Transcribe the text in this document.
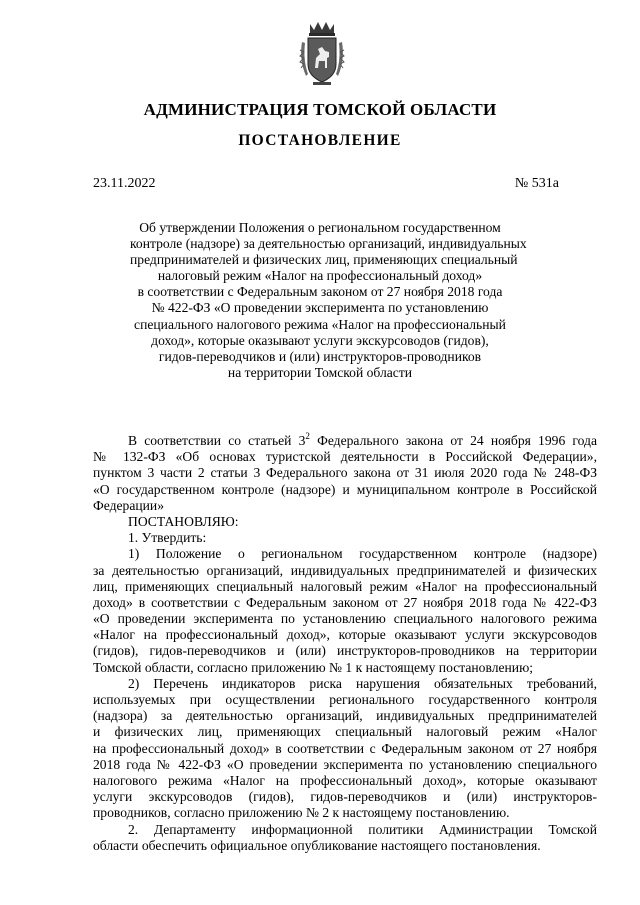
АДМИНИСТРАЦИЯ ТОМСКОЙ ОБЛАСТИ
ПОСТАНОВЛЕНИЕ
23.11.2022	№ 531а
Об утверждении Положения о региональном государственном
контроле (надзоре) за деятельностью организаций, индивидуальных
предпринимателей и физических лиц, применяющих специальный
налоговый режим «Налог на профессиональный доход»
в соответствии с Федеральным законом от 27 ноября 2018 года
№ 422-ФЗ «О проведении эксперимента по установлению
специального налогового режима «Налог на профессиональный
доход», которые оказывают услуги экскурсоводов (гидов),
гидов-переводчиков и (или) инструкторов-проводников
на территории Томской области
В соответствии со статьей $3^2$ Федерального закона от 24 ноября 1996 года
№ 132-ФЗ «Об основах туристской деятельности в Российской Федерации»,
пунктом 3 части 2 статьи 3 Федерального закона от 31 июля 2020 года № 248-ФЗ
«О государственном контроле (надзоре) и муниципальном контроле в Российской
Федерации»
ПОСТАНОВЛЯЮ:
1. Утвердить:
1) Положение о региональном государственном контроле (надзоре)
за деятельностью организаций, индивидуальных предпринимателей и физических
лиц, применяющих специальный налоговый режим «Налог на профессиональный
доход» в соответствии с Федеральным законом от 27 ноября 2018 года № 422-ФЗ
«О проведении эксперимента по установлению специального налогового режима
«Налог на профессиональный доход», которые оказывают услуги экскурсоводов
(гидов), гидов-переводчиков и (или) инструкторов-проводников на территории
Томской области, согласно приложению № 1 к настоящему постановлению;
2) Перечень индикаторов риска нарушения обязательных требований,
используемых при осуществлении регионального государственного контроля
(надзора) за деятельностью организаций, индивидуальных предпринимателей
и физических лиц, применяющих специальный налоговый режим «Налог
на профессиональный доход» в соответствии с Федеральным законом от 27 ноября
2018 года № 422-ФЗ «О проведении эксперимента по установлению специального
налогового режима «Налог на профессиональный доход», которые оказывают
услуги экскурсоводов (гидов), гидов-переводчиков и (или) инструкторов-
проводников, согласно приложению № 2 к настоящему постановлению.
2. Департаменту информационной политики Администрации Томской
области обеспечить официальное опубликование настоящего постановления.
